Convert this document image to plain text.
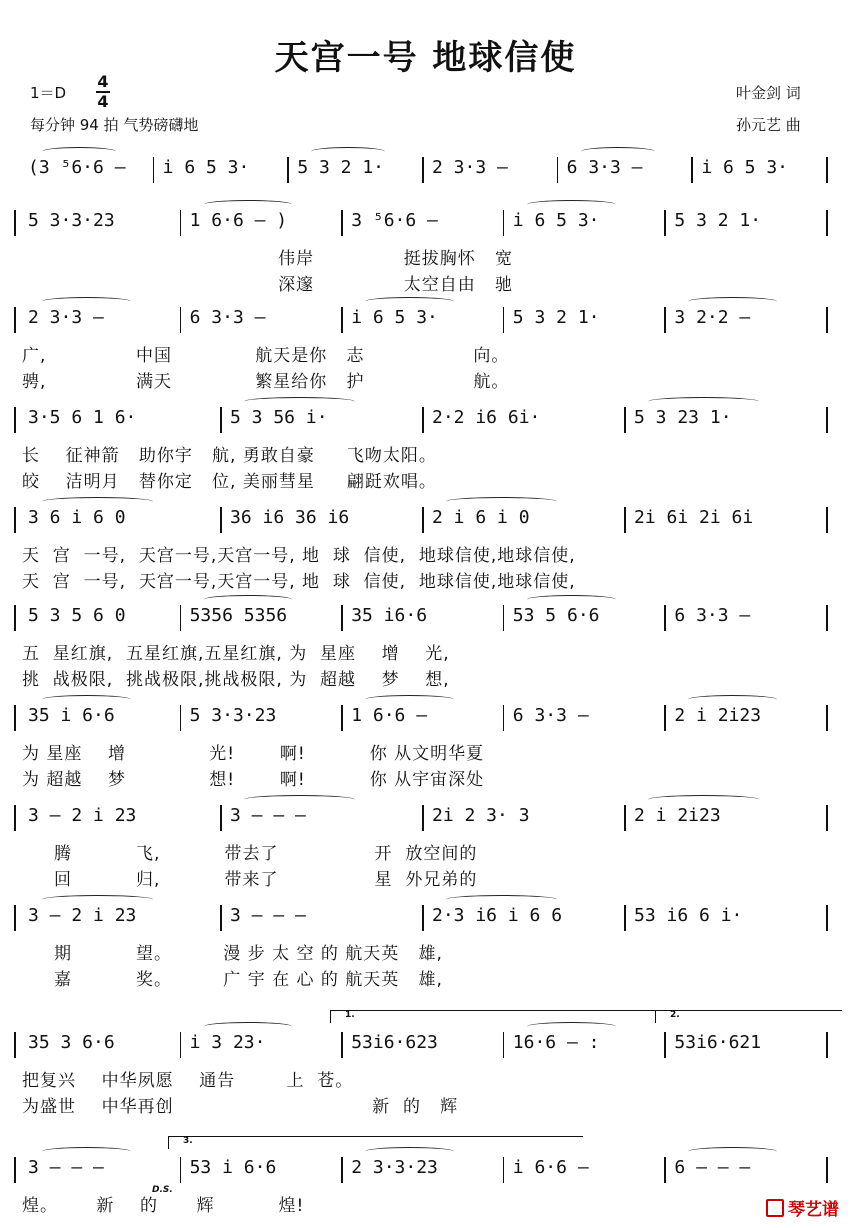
天宫一号 地球信使
1＝D
4
4
每分钟 94 拍 气势磅礴地
叶金剑 词
孙元艺 曲
(3 ⁵6·6 – i 6 5 3·	5 3 2 1·	2 3·3 –	6 3·3 –	i 6 5 3·
5 3·3·23	1 6·6 – )	3 ⁵6·6 –	i 6 5 3·	5 3 2 1·
伟岸              挺拔胸怀   宽
深邃              太空自由   驰
2 3·3 –	6 3·3 –	i 6 5 3·	5 3 2 1·	3 2·2 –
广,              中国             航天是你   志                 向。
骋,              满天             繁星给你   护                 航。
3·5 6 1 6·	5 3 56 i·	2·2 i6 6i·	5 3 23 1·
长    征神箭   助你宇   航, 勇敢自豪     飞吻太阳。
皎    洁明月   替你定   位, 美丽彗星     翩跹欢唱。
3 6 i 6 0	36 i6 36 i6	2 i 6 i 0	2i 6i 2i 6i
天  宫  一号,  天宫一号,天宫一号, 地  球  信使,  地球信使,地球信使,
天  宫  一号,  天宫一号,天宫一号, 地  球  信使,  地球信使,地球信使,
5 3 5 6 0	5356 5356	35 i6·6	53 5 6·6	6 3·3 –
五  星红旗,  五星红旗,五星红旗, 为  星座    增    光,
挑  战极限,  挑战极限,挑战极限, 为  超越    梦    想,
35 i 6·6	5 3·3·23	1 6·6 –	6 3·3 –	2 i 2i23
为 星座    增             光!       啊!          你 从文明华夏
为 超越    梦             想!       啊!          你 从宇宙深处
3 – 2 i 23	3 – – –	2i 2 3· 3	2 i 2i23
腾          飞,          带去了               开  放空间的
回          归,          带来了               星  外兄弟的
3 – 2 i 23	3 – – –	2·3 i6 i 6 6	53 i6 6 i·
期          望。        漫 步 太 空 的 航天英   雄,
嘉          奖。        广 宇 在 心 的 航天英   雄,
35 3 6·6	i 3 23·	53i6·623	16·6 – :	53i6·621
把复兴    中华夙愿    通告        上  苍。
为盛世    中华再创                               新  的   辉
3 – – –	53 i 6·6	2 3·3·23	i 6·6 –	6 – – –
煌。      新    的      辉          煌!
1.	2.
3.
D.S.
琴艺谱
